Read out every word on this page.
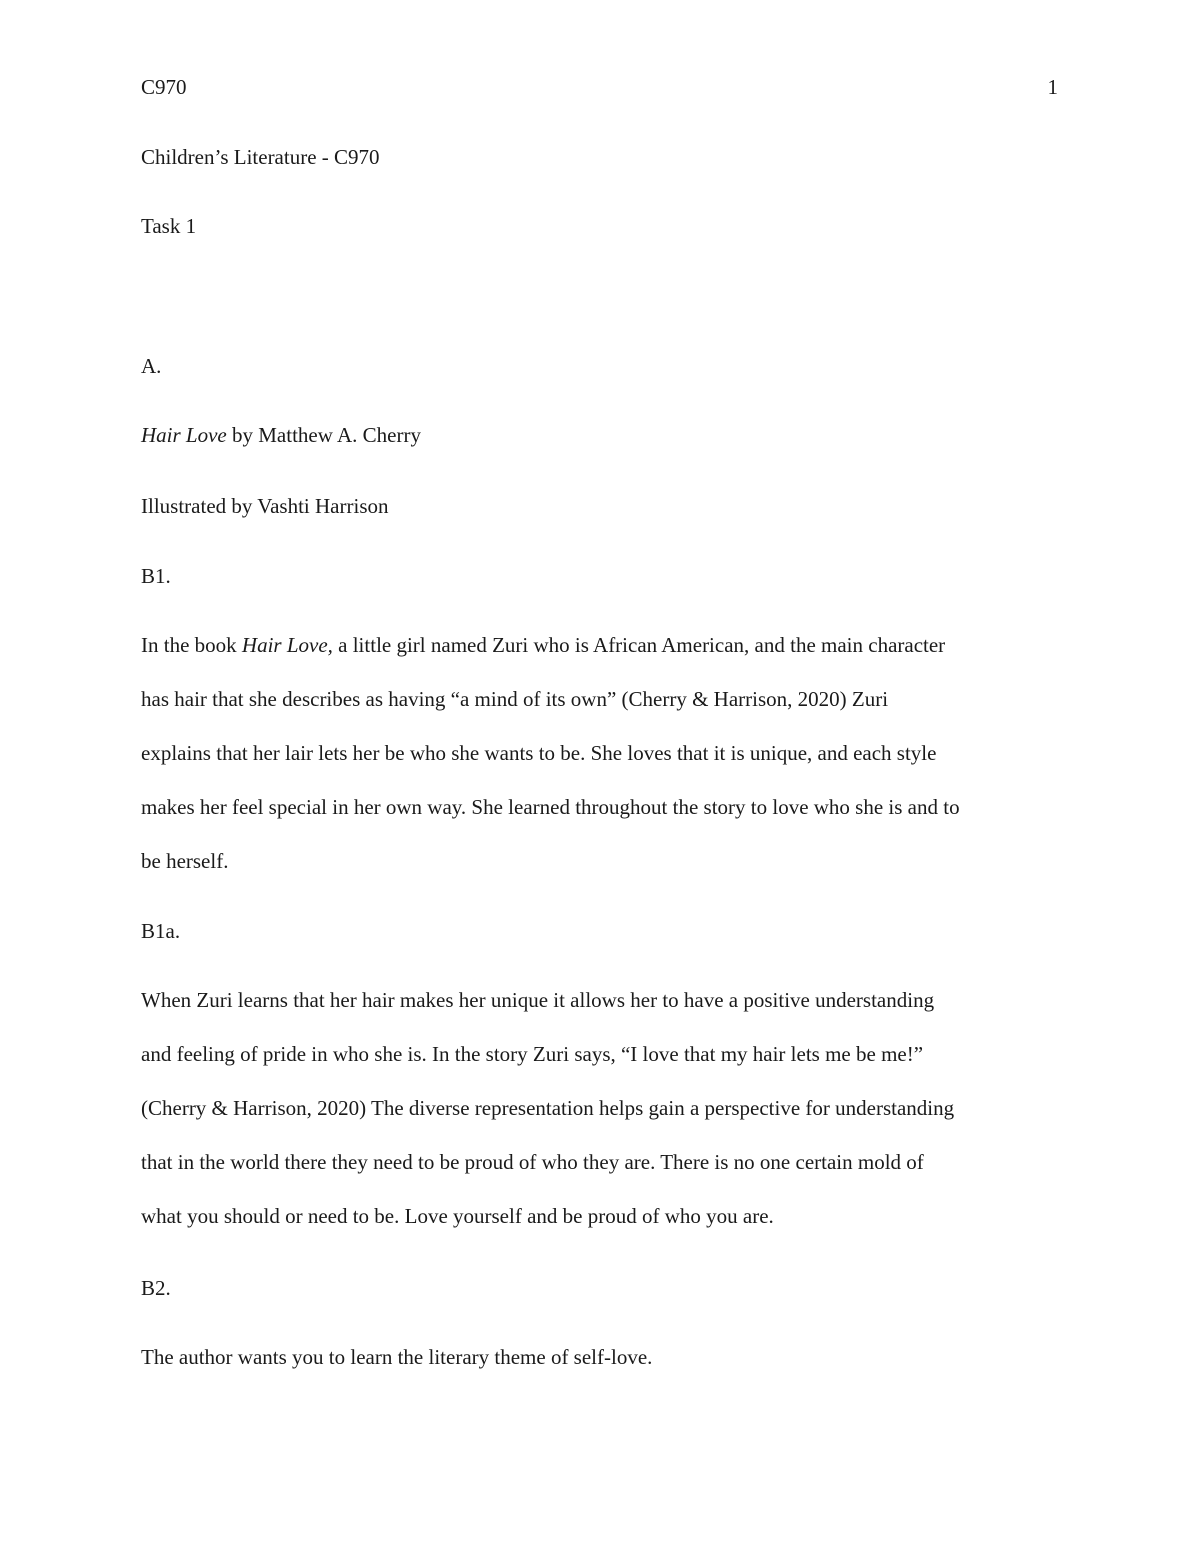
C970	1
Children’s Literature - C970
Task 1
A.
Hair Love by Matthew A. Cherry
Illustrated by Vashti Harrison
B1.
In the book Hair Love, a little girl named Zuri who is African American, and the main character
has hair that she describes as having “a mind of its own” (Cherry & Harrison, 2020) Zuri
explains that her lair lets her be who she wants to be. She loves that it is unique, and each style
makes her feel special in her own way. She learned throughout the story to love who she is and to
be herself.
B1a.
When Zuri learns that her hair makes her unique it allows her to have a positive understanding
and feeling of pride in who she is. In the story Zuri says, “I love that my hair lets me be me!”
(Cherry & Harrison, 2020) The diverse representation helps gain a perspective for understanding
that in the world there they need to be proud of who they are. There is no one certain mold of
what you should or need to be. Love yourself and be proud of who you are.
B2.
The author wants you to learn the literary theme of self-love.
